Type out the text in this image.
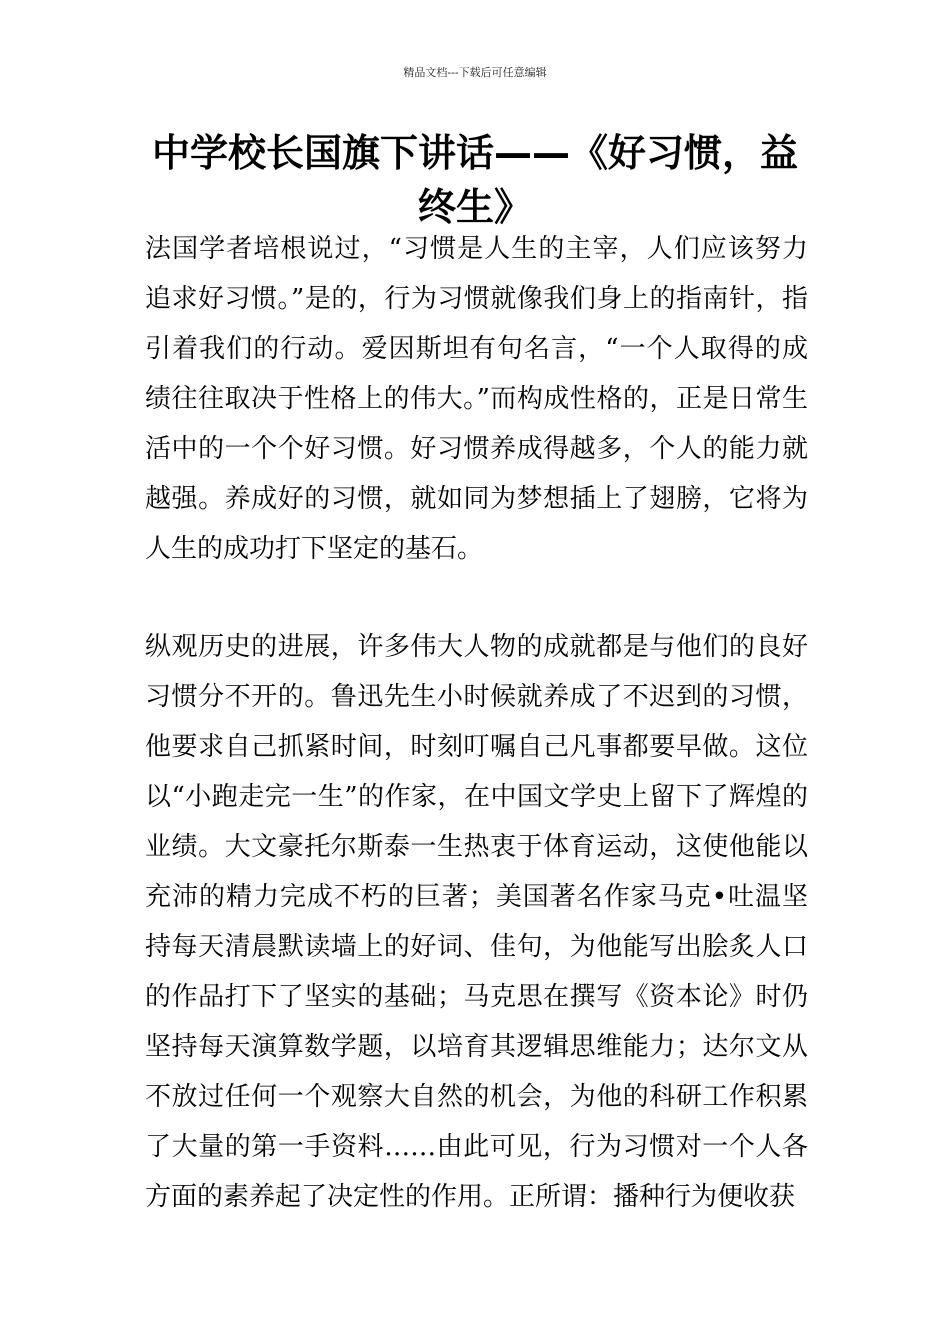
精品文档---下载后可任意编辑
中学校长国旗下讲话——《好习惯，益终生》

法国学者培根说过，“习惯是人生的主宰，人们应该努力追求好习惯。”是的，行为习惯就像我们身上的指南针，指引着我们的行动。爱因斯坦有句名言，“一个人取得的成绩往往取决于性格上的伟大。”而构成性格的，正是日常生活中的一个个好习惯。好习惯养成得越多，个人的能力就越强。养成好的习惯，就如同为梦想插上了翅膀，它将为人生的成功打下坚定的基石。

纵观历史的进展，许多伟大人物的成就都是与他们的良好习惯分不开的。鲁迅先生小时候就养成了不迟到的习惯，他要求自己抓紧时间，时刻叮嘱自己凡事都要早做。这位以“小跑走完一生”的作家，在中国文学史上留下了辉煌的业绩。大文豪托尔斯泰一生热衷于体育运动，这使他能以充沛的精力完成不朽的巨著；美国著名作家马克•吐温坚持每天清晨默读墙上的好词、佳句，为他能写出脍炙人口的作品打下了坚实的基础；马克思在撰写《资本论》时仍坚持每天演算数学题，以培育其逻辑思维能力；达尔文从不放过任何一个观察大自然的机会，为他的科研工作积累了大量的第一手资料……由此可见，行为习惯对一个人各方面的素养起了决定性的作用。正所谓：播种行为便收获
